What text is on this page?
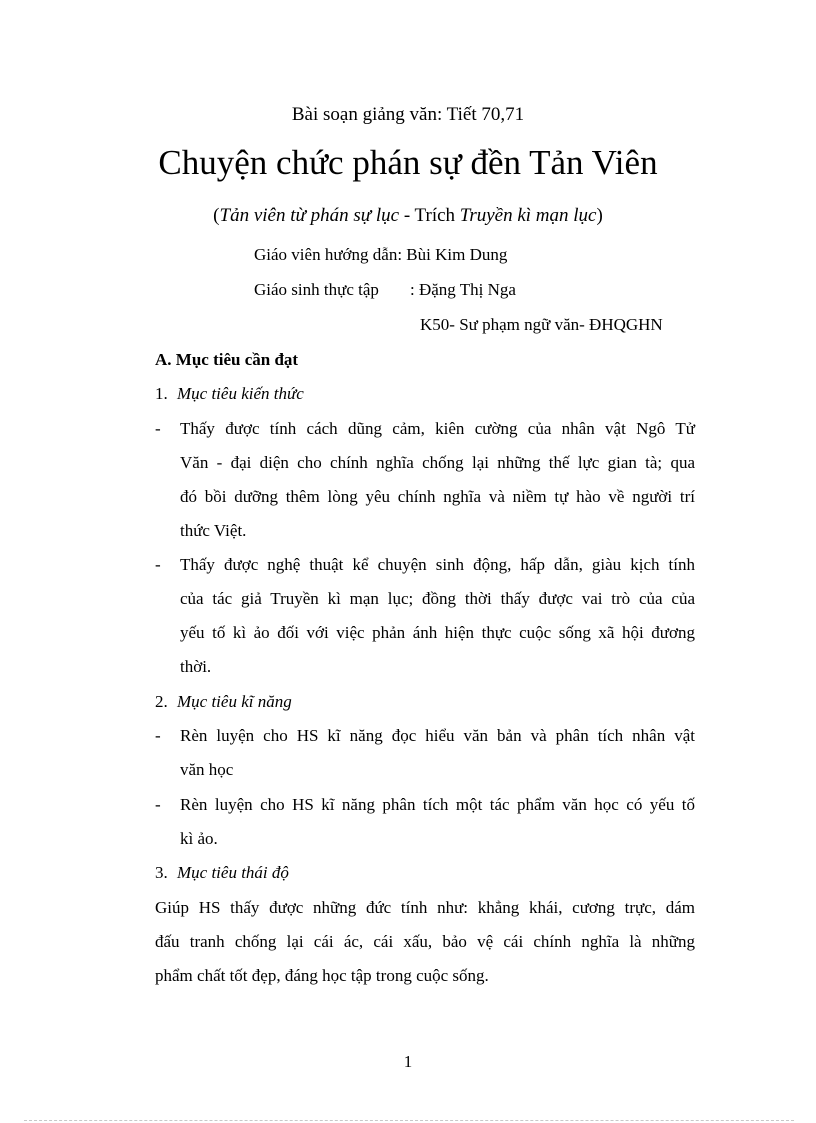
Bài soạn giảng văn: Tiết 70,71
Chuyện chức phán sự đền Tản Viên
(Tản viên từ phán sự lục - Trích Truyền kì mạn lục)
Giáo viên hướng dẫn: Bùi Kim Dung
Giáo sinh thực tập : Đặng Thị Nga
K50- Sư phạm ngữ văn- ĐHQGHN
A. Mục tiêu cần đạt
1. Mục tiêu kiến thức
- Thấy được tính cách dũng cảm, kiên cường của nhân vật Ngô Tử
Văn - đại diện cho chính nghĩa chống lại những thế lực gian tà; qua
đó bồi dưỡng thêm lòng yêu chính nghĩa và niềm tự hào về người trí
thức Việt.
- Thấy được nghệ thuật kể chuyện sinh động, hấp dẫn, giàu kịch tính
của tác giả Truyền kì mạn lục; đồng thời thấy được vai trò của của
yếu tố kì ảo đối với việc phản ánh hiện thực cuộc sống xã hội đương
thời.
2. Mục tiêu kĩ năng
- Rèn luyện cho HS kĩ năng đọc hiểu văn bản và phân tích nhân vật
văn học
- Rèn luyện cho HS kĩ năng phân tích một tác phẩm văn học có yếu tố
kì ảo.
3. Mục tiêu thái độ
Giúp HS thấy được những đức tính như: khẳng khái, cương trực, dám
đấu tranh chống lại cái ác, cái xấu, bảo vệ cái chính nghĩa là những
phẩm chất tốt đẹp, đáng học tập trong cuộc sống.
1
